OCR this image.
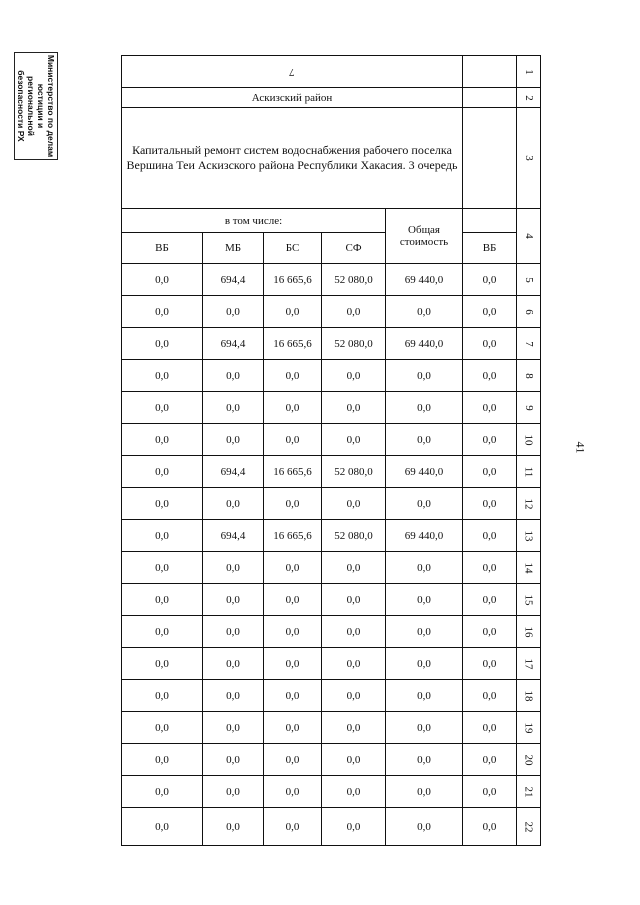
Министерство по делам
юстиции и региональной
безопасности РХ
41
7						1
Аскизский район						2
Капитальный ремонт систем водоснабжения рабочего поселка Вершина Теи Аскизского района Республики Хакасия. 3 очередь						3
в том числе:				Общая стоимость		4
ВБ	МБ	БС	СФ		ВБ	
0,0	694,4	16 665,6	52 080,0	69 440,0	0,0	5
0,0	0,0	0,0	0,0	0,0	0,0	6
0,0	694,4	16 665,6	52 080,0	69 440,0	0,0	7
0,0	0,0	0,0	0,0	0,0	0,0	8
0,0	0,0	0,0	0,0	0,0	0,0	9
0,0	0,0	0,0	0,0	0,0	0,0	10
0,0	694,4	16 665,6	52 080,0	69 440,0	0,0	11
0,0	0,0	0,0	0,0	0,0	0,0	12
0,0	694,4	16 665,6	52 080,0	69 440,0	0,0	13
0,0	0,0	0,0	0,0	0,0	0,0	14
0,0	0,0	0,0	0,0	0,0	0,0	15
0,0	0,0	0,0	0,0	0,0	0,0	16
0,0	0,0	0,0	0,0	0,0	0,0	17
0,0	0,0	0,0	0,0	0,0	0,0	18
0,0	0,0	0,0	0,0	0,0	0,0	19
0,0	0,0	0,0	0,0	0,0	0,0	20
0,0	0,0	0,0	0,0	0,0	0,0	21
0,0	0,0	0,0	0,0	0,0	0,0	22
